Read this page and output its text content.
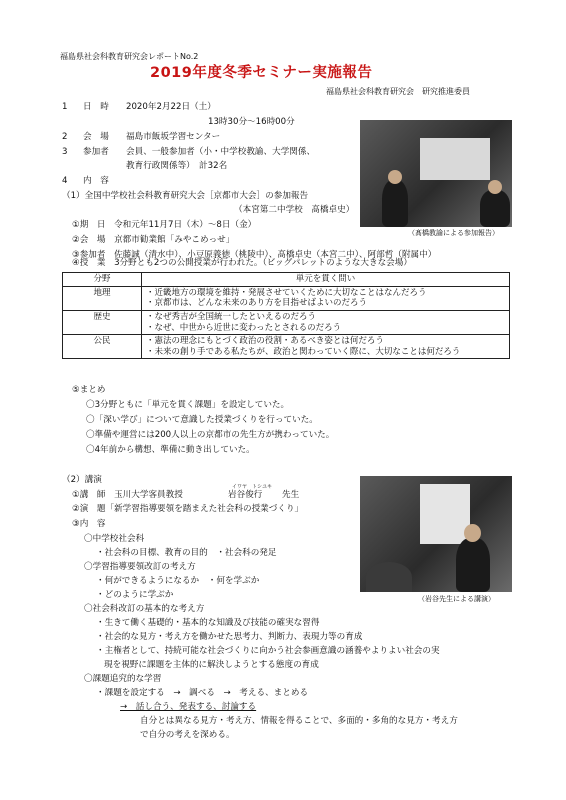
福島県社会科教育研究会レポートNo.2
2019年度冬季セミナー実施報告
福島県社会科教育研究会　研究推進委員
1 日　時 2020年2月22日（土）
13時30分～16時00分
2 会　場 福島市飯坂学習センター
3 参加者 会員、一般参加者（小・中学校教諭、大学関係、
教育行政関係等）　計32名
4 内　容
（髙橋教諭による参加報告）
（1）全国中学校社会科教育研究大会［京都市大会］の参加報告
（本宮第二中学校　髙橋卓史）
①期　日　令和元年11月7日（木）～8日（金）
②会　場　京都市勧業館「みやこめっせ」
③参加者　佐藤誠（清水中）、小豆原義徳（桃陵中）、髙橋卓史（本宮二中）、阿部哲（附属中）
④授　業　3分野とも2つの公開授業が行われた。（ビッグパレットのような大きな会場）
分野	単元を貫く問い
地理	・近畿地方の環境を維持・発展させていくために大切なことはなんだろう
・京都市は、どんな未来のあり方を目指せばよいのだろう

歴史	・なぜ秀吉が全国統一したといえるのだろう
・なぜ、中世から近世に変わったとされるのだろう

公民	・憲法の理念にもとづく政治の役割・あるべき姿とは何だろう
・未来の創り手である私たちが、政治と関わっていく際に、大切なことは何だろう
⑤まとめ
〇3分野ともに「単元を貫く課題」を設定していた。
〇「深い学び」について意識した授業づくりを行っていた。
〇準備や運営には200人以上の京都市の先生方が携わっていた。
〇4年前から構想、準備に動き出していた。
（2）講演
①講　師　玉川大学客員教授
イワヤ　トシユキ
岩谷俊行 先生
②演　題「新学習指導要領を踏まえた社会科の授業づくり」
③内　容
（岩谷先生による講演）
〇中学校社会科
・社会科の目標、教育の目的　・社会科の発足
〇学習指導要領改訂の考え方
・何ができるようになるか　・何を学ぶか
・どのように学ぶか
〇社会科改訂の基本的な考え方
・生きて働く基礎的・基本的な知識及び技能の確実な習得
・社会的な見方・考え方を働かせた思考力、判断力、表現力等の育成
・主権者として、持続可能な社会づくりに向かう社会参画意識の涵養やよりよい社会の実
現を視野に課題を主体的に解決しようとする態度の育成
〇課題追究的な学習
・課題を設定する　→　調べる　→　考える、まとめる
→　話し合う、発表する、討論する
自分とは異なる見方・考え方、情報を得ることで、多面的・多角的な見方・考え方
で自分の考えを深める。
